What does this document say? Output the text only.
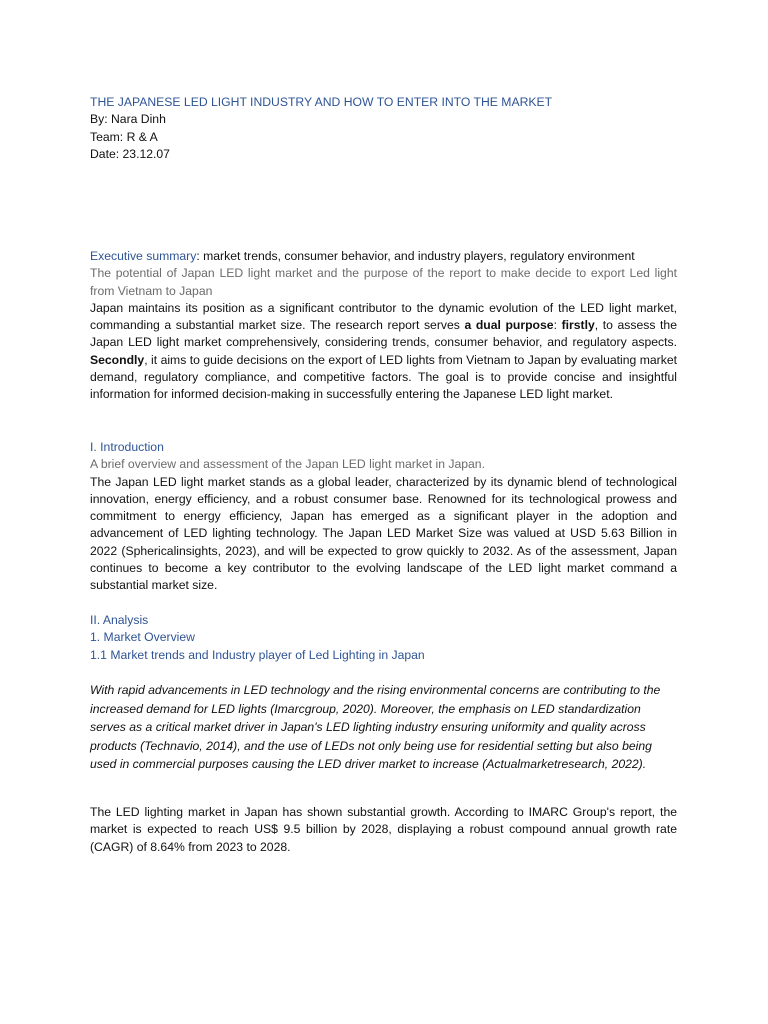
THE JAPANESE LED LIGHT INDUSTRY AND HOW TO ENTER INTO THE MARKET
By: Nara Dinh
Team: R & A
Date: 23.12.07
Executive summary: market trends, consumer behavior, and industry players, regulatory environment
The potential of Japan LED light market and the purpose of the report to make decide to export Led light from Vietnam to Japan
Japan maintains its position as a significant contributor to the dynamic evolution of the LED light market, commanding a substantial market size. The research report serves a dual purpose: firstly, to assess the Japan LED light market comprehensively, considering trends, consumer behavior, and regulatory aspects. Secondly, it aims to guide decisions on the export of LED lights from Vietnam to Japan by evaluating market demand, regulatory compliance, and competitive factors. The goal is to provide concise and insightful information for informed decision-making in successfully entering the Japanese LED light market.
I. Introduction
A brief overview and assessment of the Japan LED light market in Japan.
The Japan LED light market stands as a global leader, characterized by its dynamic blend of technological innovation, energy efficiency, and a robust consumer base. Renowned for its technological prowess and commitment to energy efficiency, Japan has emerged as a significant player in the adoption and advancement of LED lighting technology. The Japan LED Market Size was valued at USD 5.63 Billion in 2022 (Sphericalinsights, 2023), and will be expected to grow quickly to 2032. As of the assessment, Japan continues to become a key contributor to the evolving landscape of the LED light market command a substantial market size.
II. Analysis
1. Market Overview
1.1 Market trends and Industry player of Led Lighting in Japan
With rapid advancements in LED technology and the rising environmental concerns are contributing to the increased demand for LED lights (Imarcgroup, 2020). Moreover, the emphasis on LED standardization serves as a critical market driver in Japan's LED lighting industry ensuring uniformity and quality across products (Technavio, 2014), and the use of LEDs not only being use for residential setting but also being used in commercial purposes causing the LED driver market to increase (Actualmarketresearch, 2022).
The LED lighting market in Japan has shown substantial growth. According to IMARC Group's report, the market is expected to reach US$ 9.5 billion by 2028, displaying a robust compound annual growth rate (CAGR) of 8.64% from 2023 to 2028.
